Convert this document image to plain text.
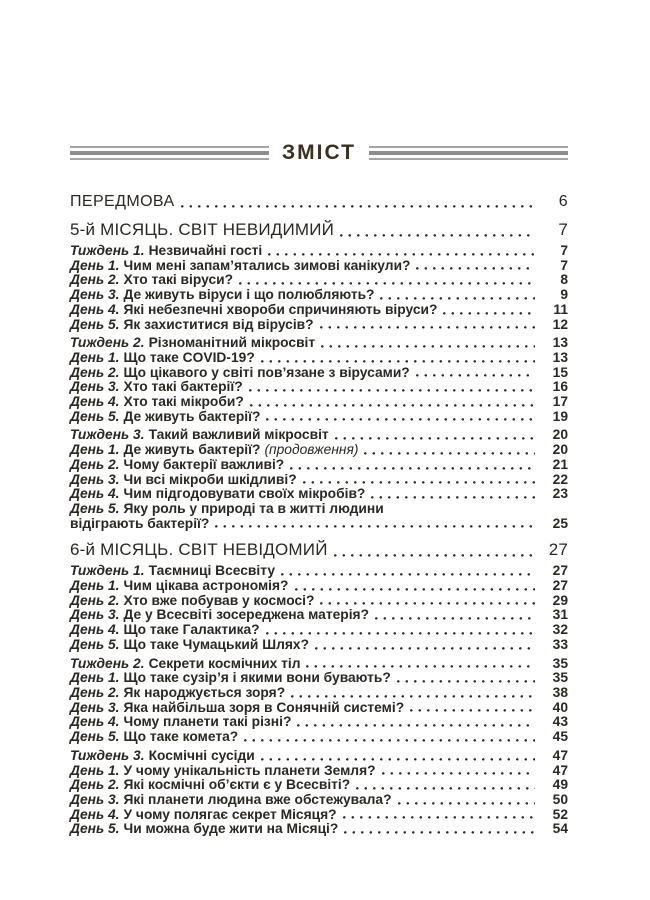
ЗМІСТ
ПЕРЕДМОВА	6
5-й МІСЯЦЬ. СВІТ НЕВИДИМИЙ	7
Тиждень 1. Незвичайні гості	7
День 1. Чим мені запам’ятались зимові канікули?	7
День 2. Хто такі віруси?	8
День 3. Де живуть віруси і що полюбляють?	9
День 4. Які небезпечні хвороби спричиняють віруси?	11
День 5. Як захиститися від вірусів?	12
Тиждень 2. Різноманітний мікросвіт	13
День 1. Що таке COVID-19?	13
День 2. Що цікавого у світі пов’язане з вірусами?	15
День 3. Хто такі бактерії?	16
День 4. Хто такі мікроби?	17
День 5. Де живуть бактерії?	19
Тиждень 3. Такий важливий мікросвіт	20
День 1. Де живуть бактерії? (продовження)	20
День 2. Чому бактерії важливі?	21
День 3. Чи всі мікроби шкідливі?	22
День 4. Чим підгодовувати своїх мікробів?	23
День 5. Яку роль у природі та в житті людини
відіграють бактерії?	25
6-й МІСЯЦЬ. СВІТ НЕВІДОМИЙ	27
Тиждень 1. Таємниці Всесвіту	27
День 1. Чим цікава астрономія?	27
День 2. Хто вже побував у космосі?	29
День 3. Де у Всесвіті зосереджена матерія?	31
День 4. Що таке Галактика?	32
День 5. Що таке Чумацький Шлях?	33
Тиждень 2. Секрети космічних тіл	35
День 1. Що таке сузір’я і якими вони бувають?	35
День 2. Як народжується зоря?	38
День 3. Яка найбільша зоря в Сонячній системі?	40
День 4. Чому планети такі різні?	43
День 5. Що таке комета?	45
Тиждень 3. Космічні сусіди	47
День 1. У чому унікальність планети Земля?	47
День 2. Які космічні об’єкти є у Всесвіті?	49
День 3. Які планети людина вже обстежувала?	50
День 4. У чому полягає секрет Місяця?	52
День 5. Чи можна буде жити на Місяці?	54
